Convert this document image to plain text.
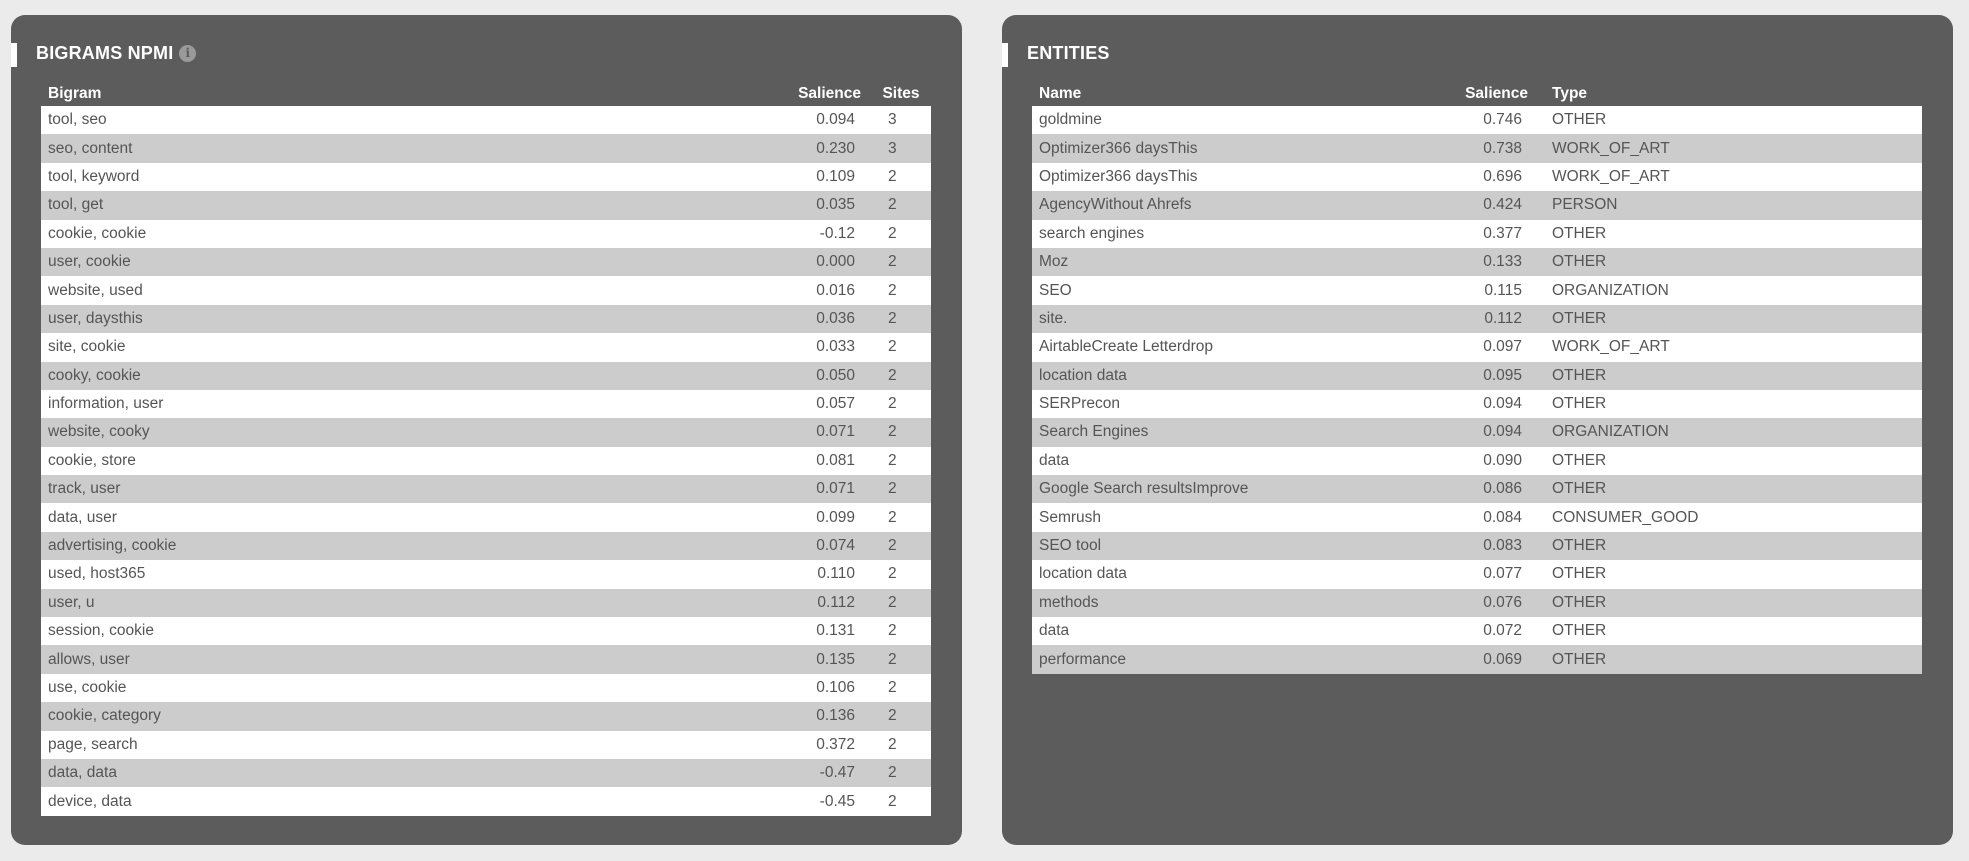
BIGRAMS NPMI	i
Bigram	Salience	Sites
tool, seo	0.094	3
seo, content	0.230	3
tool, keyword	0.109	2
tool, get	0.035	2
cookie, cookie	-0.12	2
user, cookie	0.000	2
website, used	0.016	2
user, daysthis	0.036	2
site, cookie	0.033	2
cooky, cookie	0.050	2
information, user	0.057	2
website, cooky	0.071	2
cookie, store	0.081	2
track, user	0.071	2
data, user	0.099	2
advertising, cookie	0.074	2
used, host365	0.110	2
user, u	0.112	2
session, cookie	0.131	2
allows, user	0.135	2
use, cookie	0.106	2
cookie, category	0.136	2
page, search	0.372	2
data, data	-0.47	2
device, data	-0.45	2
ENTITIES
Name	Salience	Type
goldmine	0.746	OTHER
Optimizer366 daysThis	0.738	WORK_OF_ART
Optimizer366 daysThis	0.696	WORK_OF_ART
AgencyWithout Ahrefs	0.424	PERSON
search engines	0.377	OTHER
Moz	0.133	OTHER
SEO	0.115	ORGANIZATION
site.	0.112	OTHER
AirtableCreate Letterdrop	0.097	WORK_OF_ART
location data	0.095	OTHER
SERPrecon	0.094	OTHER
Search Engines	0.094	ORGANIZATION
data	0.090	OTHER
Google Search resultsImprove	0.086	OTHER
Semrush	0.084	CONSUMER_GOOD
SEO tool	0.083	OTHER
location data	0.077	OTHER
methods	0.076	OTHER
data	0.072	OTHER
performance	0.069	OTHER
